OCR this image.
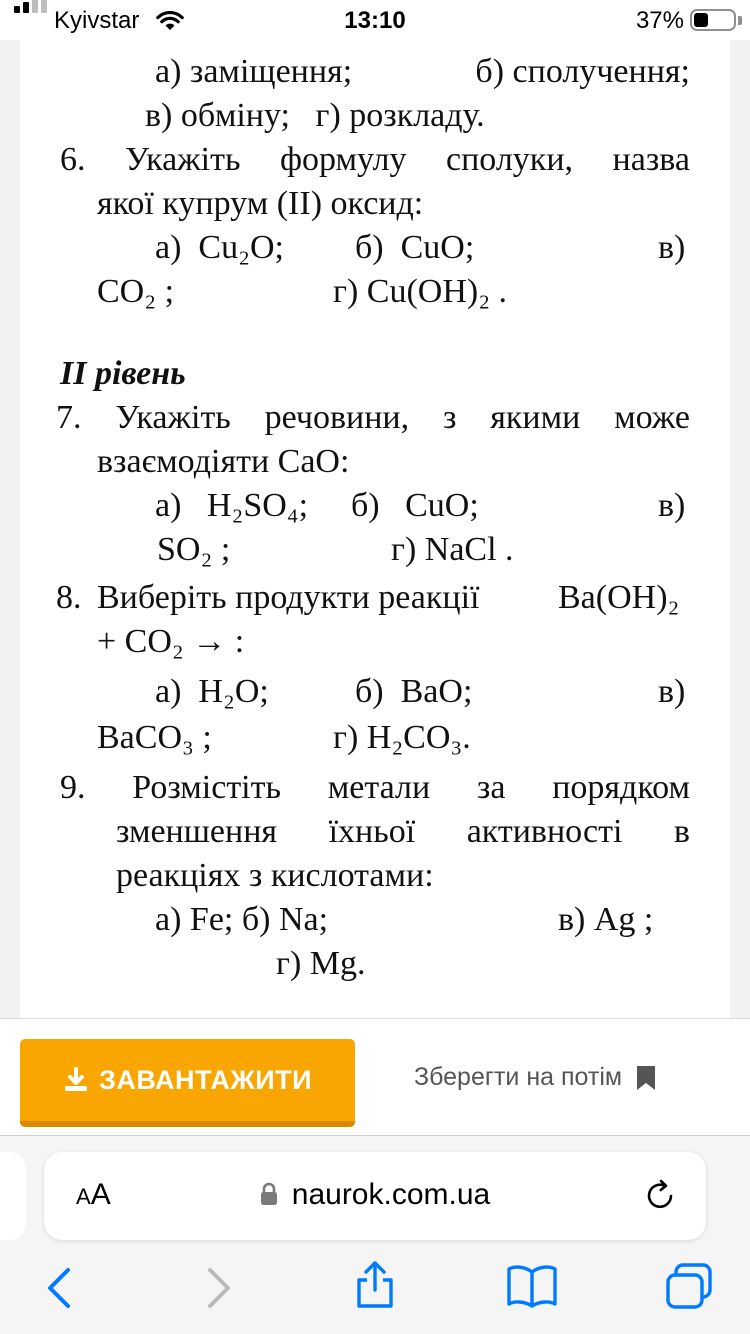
Kyivstar	13:10	37%
а) заміщення;	б) сполучення;
в) обміну; г) розкладу.
6. Укажіть формулу сполуки, назва
якої купрум (ІІ) оксид:
а) Cu₂O; б) CuO;	в)
CO₂ ;	г) Cu(OH)₂ .
ІІ рівень
7. Укажіть речовини, з якими може
взаємодіяти CaO:
а) H₂SO₄; б) CuO;	в)
SO₂ ;	г) NaCl .
8. Виберіть продукти реакції Ba(OH)₂
+ CO₂ → :
а) H₂O;	б) BaO;	в)
BaCO₃ ;	г) H₂CO₃.
9. Розмістіть метали за порядком
зменшення їхньої активності в
реакціях з кислотами:
а) Fe; б) Na;	в) Ag ;
г) Mg.
ЗАВАНТАЖИТИ	Зберегти на потім
AA	naurok.com.ua
